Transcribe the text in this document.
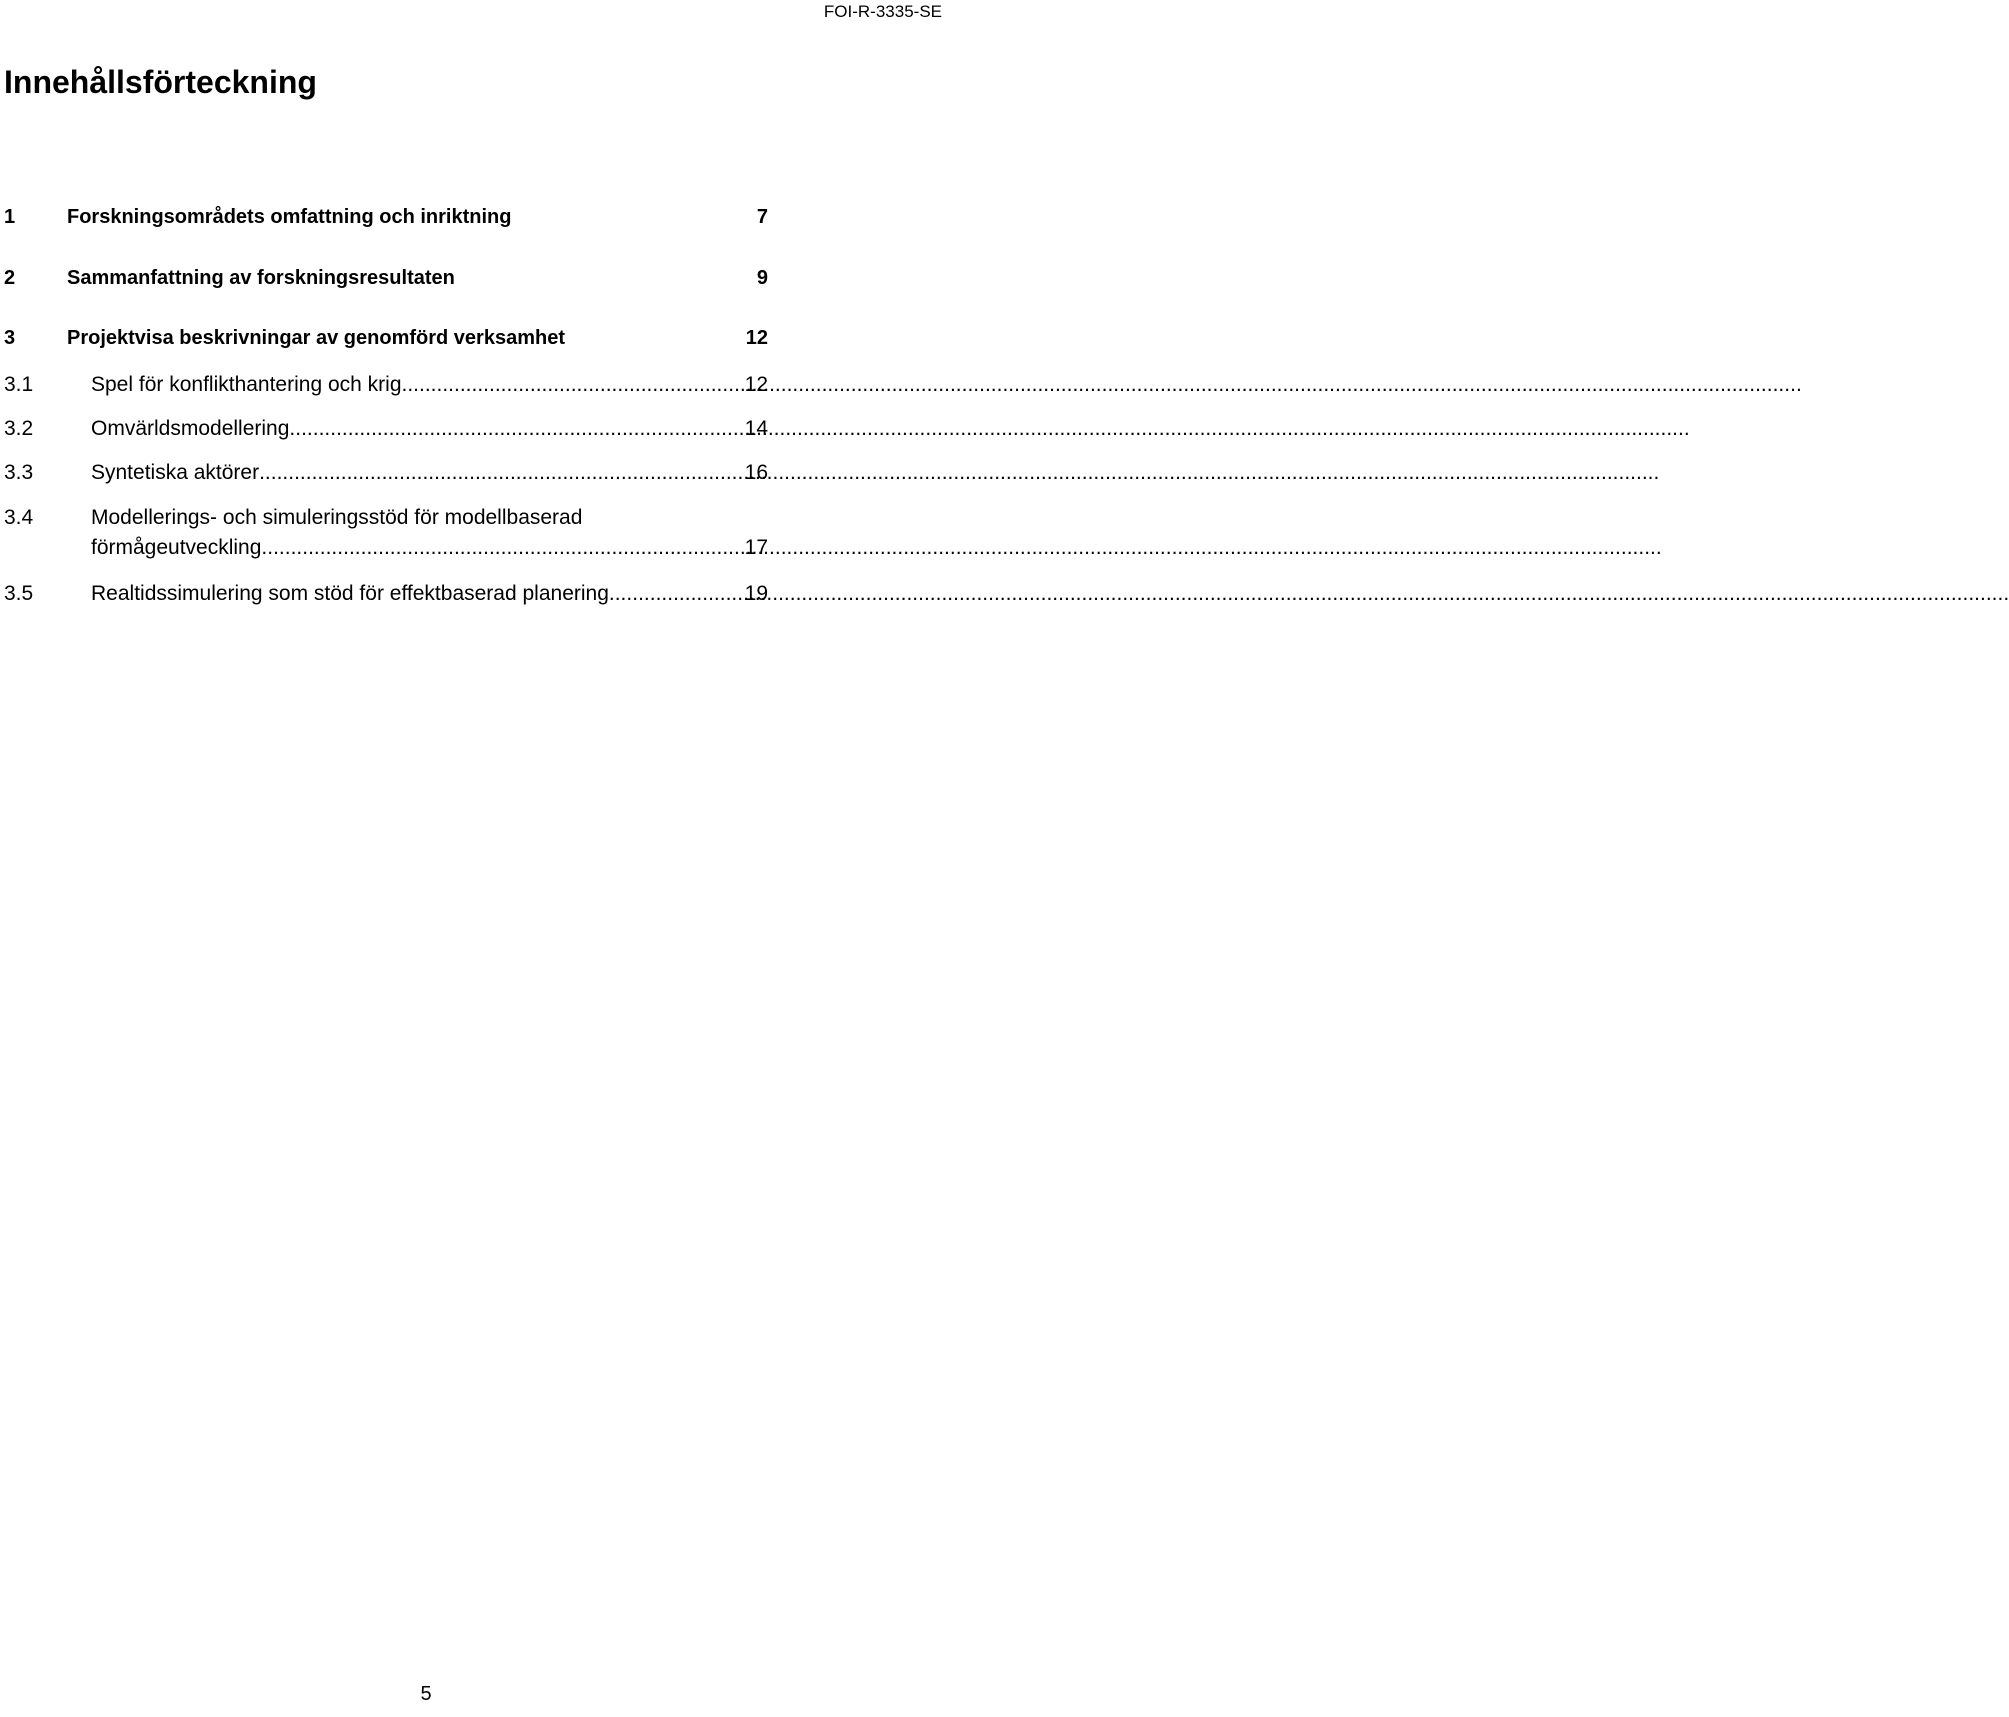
FOI-R-3335-SE
Innehållsförteckning
1	Forskningsområdets omfattning och inriktning	7
2	Sammanfattning av forskningsresultaten	9
3	Projektvisa beskrivningar av genomförd verksamhet	12
3.1	Spel för konflikthantering och krig .....	12
3.2	Omvärldsmodellering .....	14
3.3	Syntetiska aktörer .....	16
3.4	Modellerings- och simuleringsstöd för modellbaserad
förmågeutveckling .....	17
3.5	Realtidssimulering som stöd för effektbaserad planering .....	19
5
